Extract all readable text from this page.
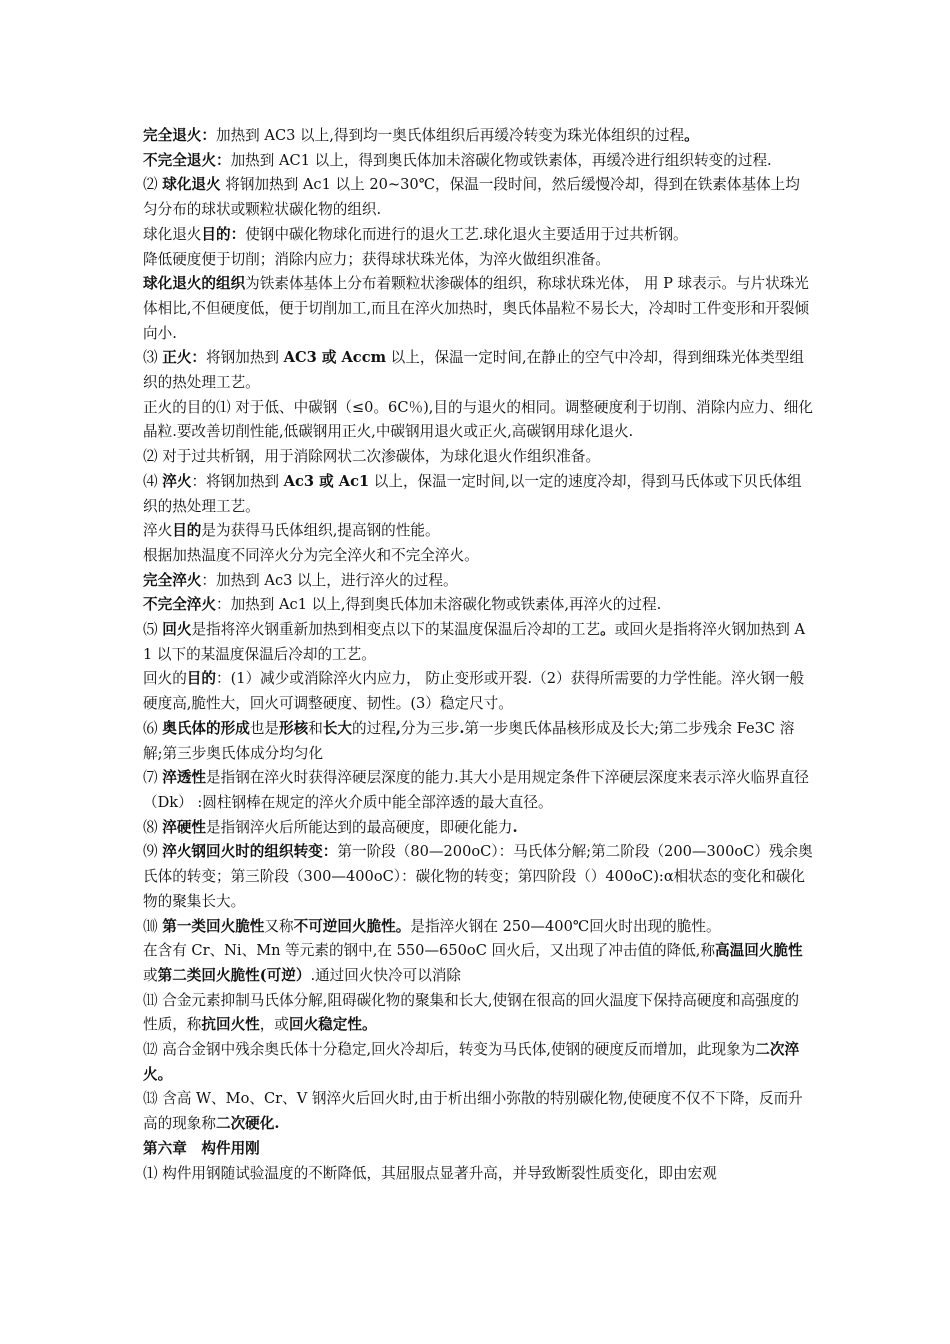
完全退火：加热到 AC3 以上,得到均一奥氏体组织后再缓冷转变为珠光体组织的过程。

不完全退火：加热到 AC1 以上，得到奥氏体加未溶碳化物或铁素体，再缓冷进行组织转变的过程.

⑵ 球化退火 将钢加热到 Ac1 以上 20~30℃，保温一段时间，然后缓慢冷却，得到在铁素体基体上均匀分布的球状或颗粒状碳化物的组织.

球化退火目的：使钢中碳化物球化而进行的退火工艺.球化退火主要适用于过共析钢。

降低硬度便于切削；消除内应力；获得球状珠光体，为淬火做组织准备。

球化退火的组织为铁素体基体上分布着颗粒状渗碳体的组织，称球状珠光体， 用 P 球表示。与片状珠光体相比,不但硬度低，便于切削加工,而且在淬火加热时，奥氏体晶粒不易长大，冷却时工件变形和开裂倾向小.

⑶ 正火：将钢加热到 AC3 或 Accm 以上，保温一定时间,在静止的空气中冷却，得到细珠光体类型组织的热处理工艺。

正火的目的⑴ 对于低、中碳钢（≤0。6C％),目的与退火的相同。调整硬度利于切削、消除内应力、细化晶粒.要改善切削性能,低碳钢用正火,中碳钢用退火或正火,高碳钢用球化退火.

⑵ 对于过共析钢，用于消除网状二次渗碳体，为球化退火作组织准备。

⑷ 淬火：将钢加热到 Ac3 或 Ac1 以上，保温一定时间,以一定的速度冷却，得到马氏体或下贝氏体组织的热处理工艺。

淬火目的是为获得马氏体组织,提高钢的性能。

根据加热温度不同淬火分为完全淬火和不完全淬火。

完全淬火：加热到 Ac3 以上，进行淬火的过程。

不完全淬火：加热到 Ac1 以上,得到奥氏体加未溶碳化物或铁素体,再淬火的过程.

⑸ 回火是指将淬火钢重新加热到相变点以下的某温度保温后冷却的工艺。或回火是指将淬火钢加热到 A1 以下的某温度保温后冷却的工艺。

回火的目的：(1）减少或消除淬火内应力， 防止变形或开裂.（2）获得所需要的力学性能。淬火钢一般硬度高,脆性大，回火可调整硬度、韧性。(3）稳定尺寸。

⑹ 奥氏体的形成也是形核和长大的过程,分为三步.第一步奥氏体晶核形成及长大;第二步残余 Fe3C 溶解;第三步奥氏体成分均匀化

⑺ 淬透性是指钢在淬火时获得淬硬层深度的能力.其大小是用规定条件下淬硬层深度来表示淬火临界直径（Dk） :圆柱钢棒在规定的淬火介质中能全部淬透的最大直径。

⑻ 淬硬性是指钢淬火后所能达到的最高硬度，即硬化能力.

⑼ 淬火钢回火时的组织转变：第一阶段（80—200oC）：马氏体分解;第二阶段（200—300oC）残余奥氏体的转变；第三阶段（300—400oC）：碳化物的转变；第四阶段（）400oC):α相状态的变化和碳化物的聚集长大。

⑽ 第一类回火脆性又称不可逆回火脆性。是指淬火钢在 250—400℃回火时出现的脆性。

在含有 Cr、Ni、Mn 等元素的钢中,在 550—650oC 回火后，又出现了冲击值的降低,称高温回火脆性或第二类回火脆性(可逆）.通过回火快冷可以消除

⑾ 合金元素抑制马氏体分解,阻碍碳化物的聚集和长大,使钢在很高的回火温度下保持高硬度和高强度的性质，称抗回火性，或回火稳定性。

⑿ 高合金钢中残余奥氏体十分稳定,回火冷却后，转变为马氏体,使钢的硬度反而增加，此现象为二次淬火。

⒀ 含高 W、Mo、Cr、V 钢淬火后回火时,由于析出细小弥散的特别碳化物,使硬度不仅不下降，反而升高的现象称二次硬化.

第六章　构件用刚

⑴ 构件用钢随试验温度的不断降低，其屈服点显著升高，并导致断裂性质变化，即由宏观
